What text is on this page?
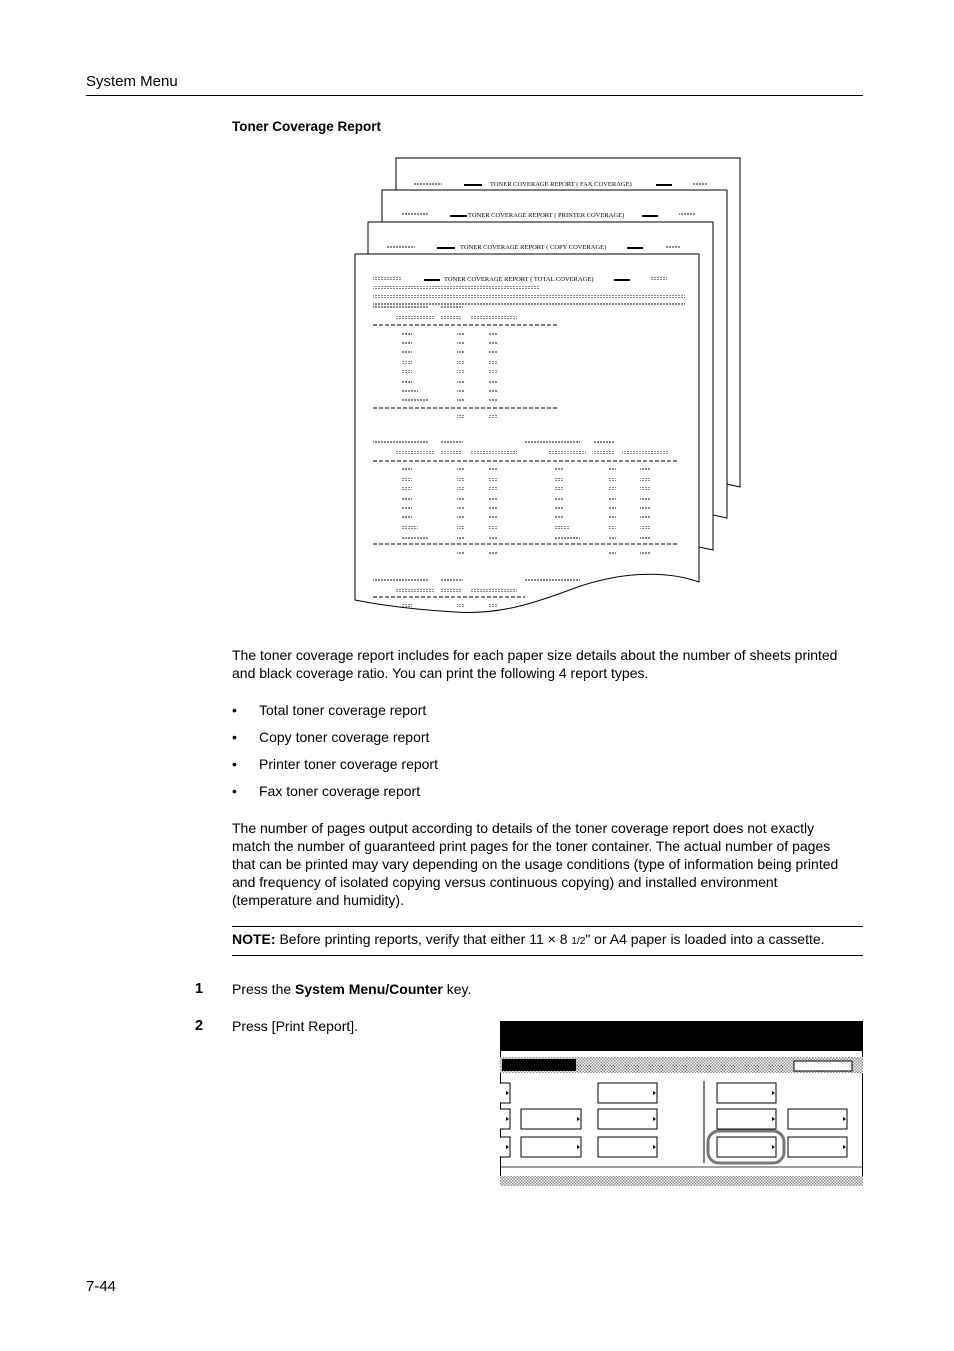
System Menu
Toner Coverage Report
TONER COVERAGE REPORT ( FAX COVERAGE)
TONER COVERAGE REPORT ( PRINTER COVERAGE)
TONER COVERAGE REPORT ( COPY COVERAGE)
TONER COVERAGE REPORT ( TOTAL COVERAGE)
The toner coverage report includes for each paper size details about the number of sheets printed
and black coverage ratio. You can print the following 4 report types.
• Total toner coverage report
• Copy toner coverage report
• Printer toner coverage report
• Fax toner coverage report
The number of pages output according to details of the toner coverage report does not exactly
match the number of guaranteed print pages for the toner container. The actual number of pages
that can be printed may vary depending on the usage conditions (type of information being printed
and frequency of isolated copying versus continuous copying) and installed environment
(temperature and humidity).
NOTE: Before printing reports, verify that either 11 × 8 1/2" or A4 paper is loaded into a cassette.
1 Press the System Menu/Counter key.
2 Press [Print Report].
7-44
